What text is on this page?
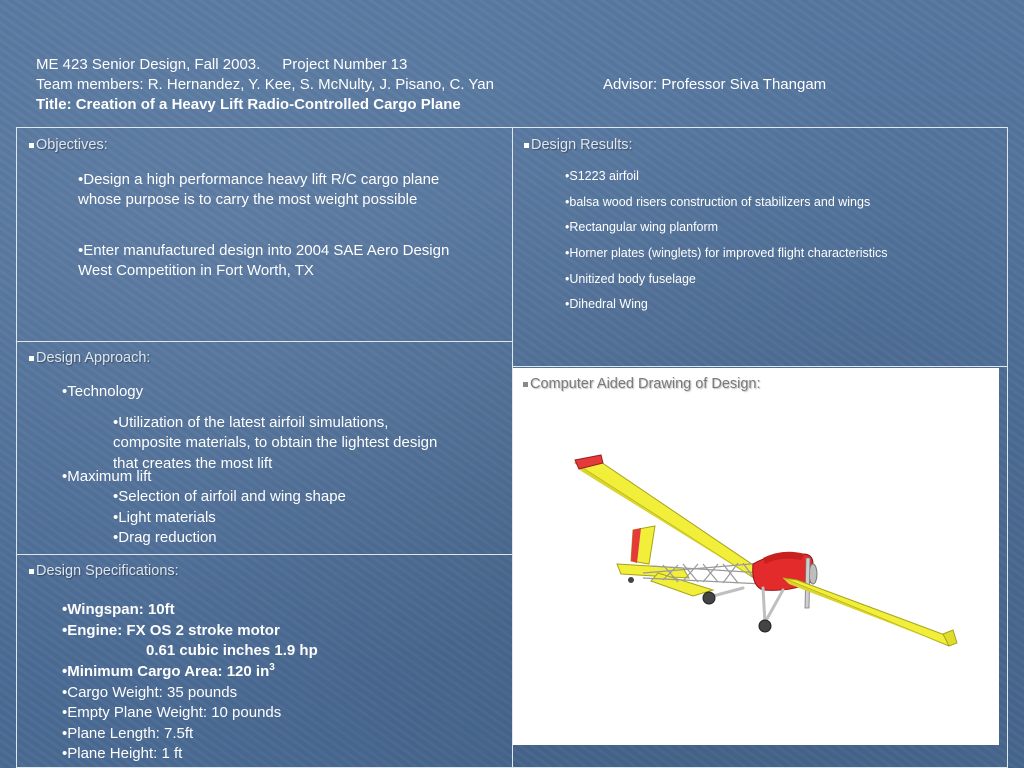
ME 423 Senior Design, Fall 2003. Project Number 13
Team members: R. Hernandez, Y. Kee, S. McNulty, J. Pisano, C. Yan	Advisor: Professor Siva Thangam
Title: Creation of a Heavy Lift Radio-Controlled Cargo Plane
Objectives:
•Design a high performance heavy lift R/C cargo plane whose purpose is to carry the most weight possible
•Enter manufactured design into 2004 SAE Aero Design West Competition in Fort Worth, TX
Design Results:
•S1223 airfoil
•balsa wood risers construction of stabilizers and wings
•Rectangular wing planform
•Horner plates (winglets) for improved flight characteristics
•Unitized body fuselage
•Dihedral Wing
Design Approach:
•Technology
•Utilization of the latest airfoil simulations,
composite materials, to obtain the lightest design
that creates the most lift
•Maximum lift
•Selection of airfoil and wing shape
•Light materials
•Drag reduction
Design Specifications:
•Wingspan: 10ft
•Engine: FX OS 2 stroke motor
0.61 cubic inches 1.9 hp
•Minimum Cargo Area: 120 $in^3$
•Cargo Weight: 35 pounds
•Empty Plane Weight: 10 pounds
•Plane Length: 7.5ft
•Plane Height: 1 ft
Computer Aided Drawing of Design:
